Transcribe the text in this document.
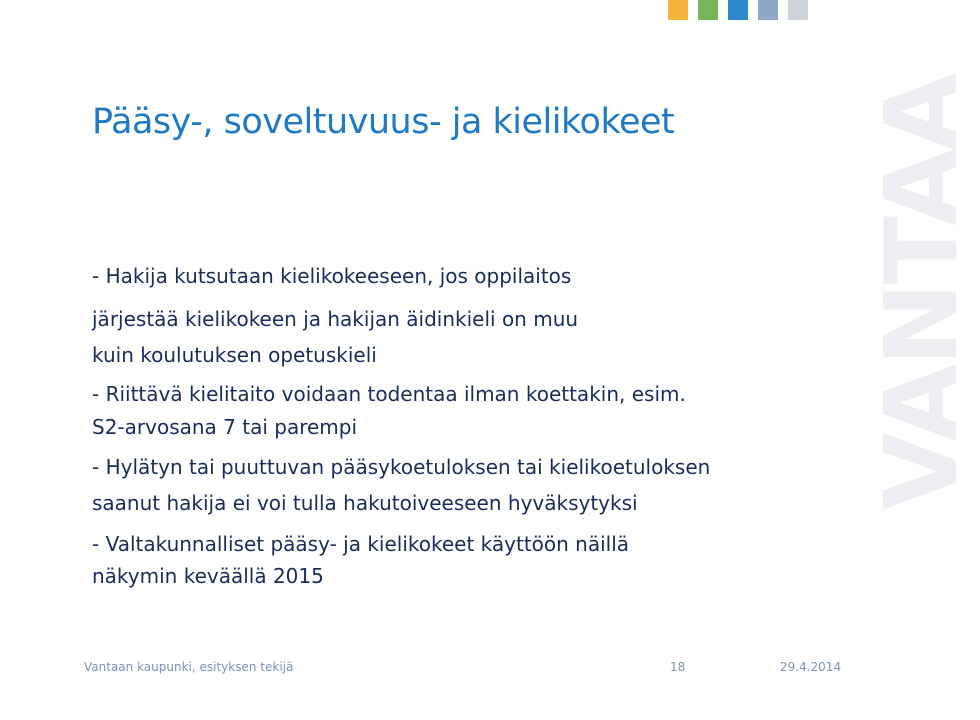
VANTAA
Pääsy-, soveltuvuus- ja kielikokeet
- Hakija kutsutaan kielikokeeseen, jos oppilaitos
järjestää kielikokeen ja hakijan äidinkieli on muu
kuin koulutuksen opetuskieli
- Riittävä kielitaito voidaan todentaa ilman koettakin, esim.
S2-arvosana 7 tai parempi
- Hylätyn tai puuttuvan pääsykoetuloksen tai kielikoetuloksen
saanut hakija ei voi tulla hakutoiveeseen hyväksytyksi
- Valtakunnalliset pääsy- ja kielikokeet käyttöön näillä
näkymin keväällä 2015
Vantaan kaupunki, esityksen tekijä	18	29.4.2014
